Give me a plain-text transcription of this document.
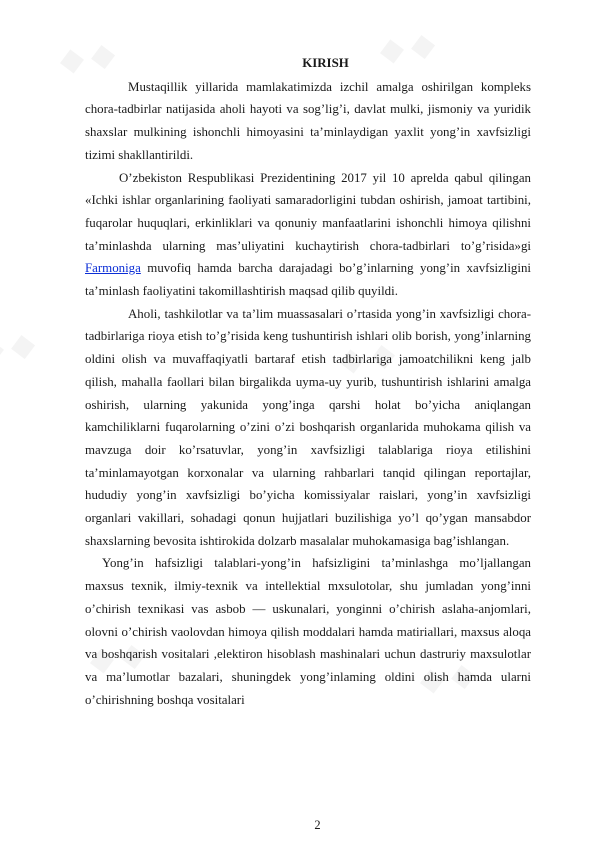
KIRISH

Mustaqillik yillarida mamlakatimizda izchil amalga oshirilgan kompleks chora-tadbirlar natijasida aholi hayoti va sog’lig’i, davlat mulki, jismoniy va yuridik shaxslar mulkining ishonchli himoyasini ta’minlaydigan yaxlit yong’in xavfsizligi tizimi shakllantirildi.

O’zbekiston Respublikasi Prezidentining 2017 yil 10 aprelda qabul qilingan «Ichki ishlar organlarining faoliyati samaradorligini tubdan oshirish, jamoat tartibini, fuqarolar huquqlari, erkinliklari va qonuniy manfaatlarini ishonchli himoya qilishni ta’minlashda ularning mas’uliyatini kuchaytirish chora-tadbirlari to’g’risida»gi Farmoniga muvofiq hamda barcha darajadagi bo’g’inlarning yong’in xavfsizligini ta’minlash faoliyatini takomillashtirish maqsad qilib quyildi.

Aholi, tashkilotlar va ta’lim muassasalari o’rtasida yong’in xavfsizligi chora-tadbirlariga rioya etish to’g’risida keng tushuntirish ishlari olib borish, yong’inlarning oldini olish va muvaffaqiyatli bartaraf etish tadbirlariga jamoatchilikni keng jalb qilish, mahalla faollari bilan birgalikda uyma-uy yurib, tushuntirish ishlarini amalga oshirish, ularning yakunida yong’inga qarshi holat bo’yicha aniqlangan kamchiliklarni fuqarolarning o’zini o’zi boshqarish organlarida muhokama qilish va mavzuga doir ko’rsatuvlar, yong’in xavfsizligi talablariga rioya etilishini ta’minlamayotgan korxonalar va ularning rahbarlari tanqid qilingan reportajlar, hududiy yong’in xavfsizligi bo’yicha komissiyalar raislari, yong’in xavfsizligi organlari vakillari, sohadagi qonun hujjatlari buzilishiga yo’l qo’ygan mansabdor shaxslarning bevosita ishtirokida dolzarb masalalar muhokamasiga bag’ishlangan.

Yong’in hafsizligi talablari-yong’in hafsizligini ta’minlashga mo’ljallangan maxsus texnik, ilmiy-texnik va intellektial mxsulotolar, shu jumladan yong’inni o’chirish texnikasi vas asbob — uskunalari, yonginni o’chirish aslaha-anjomlari, olovni o’chirish vaolovdan himoya qilish moddalari hamda matiriallari, maxsus aloqa va boshqarish vositalari ,elektiron hisoblash mashinalari uchun dastruriy maxsulotlar va ma’lumotlar bazalari, shuningdek yong’inlaming oldini olish hamda ularni o’chirishning boshqa vositalari

2
